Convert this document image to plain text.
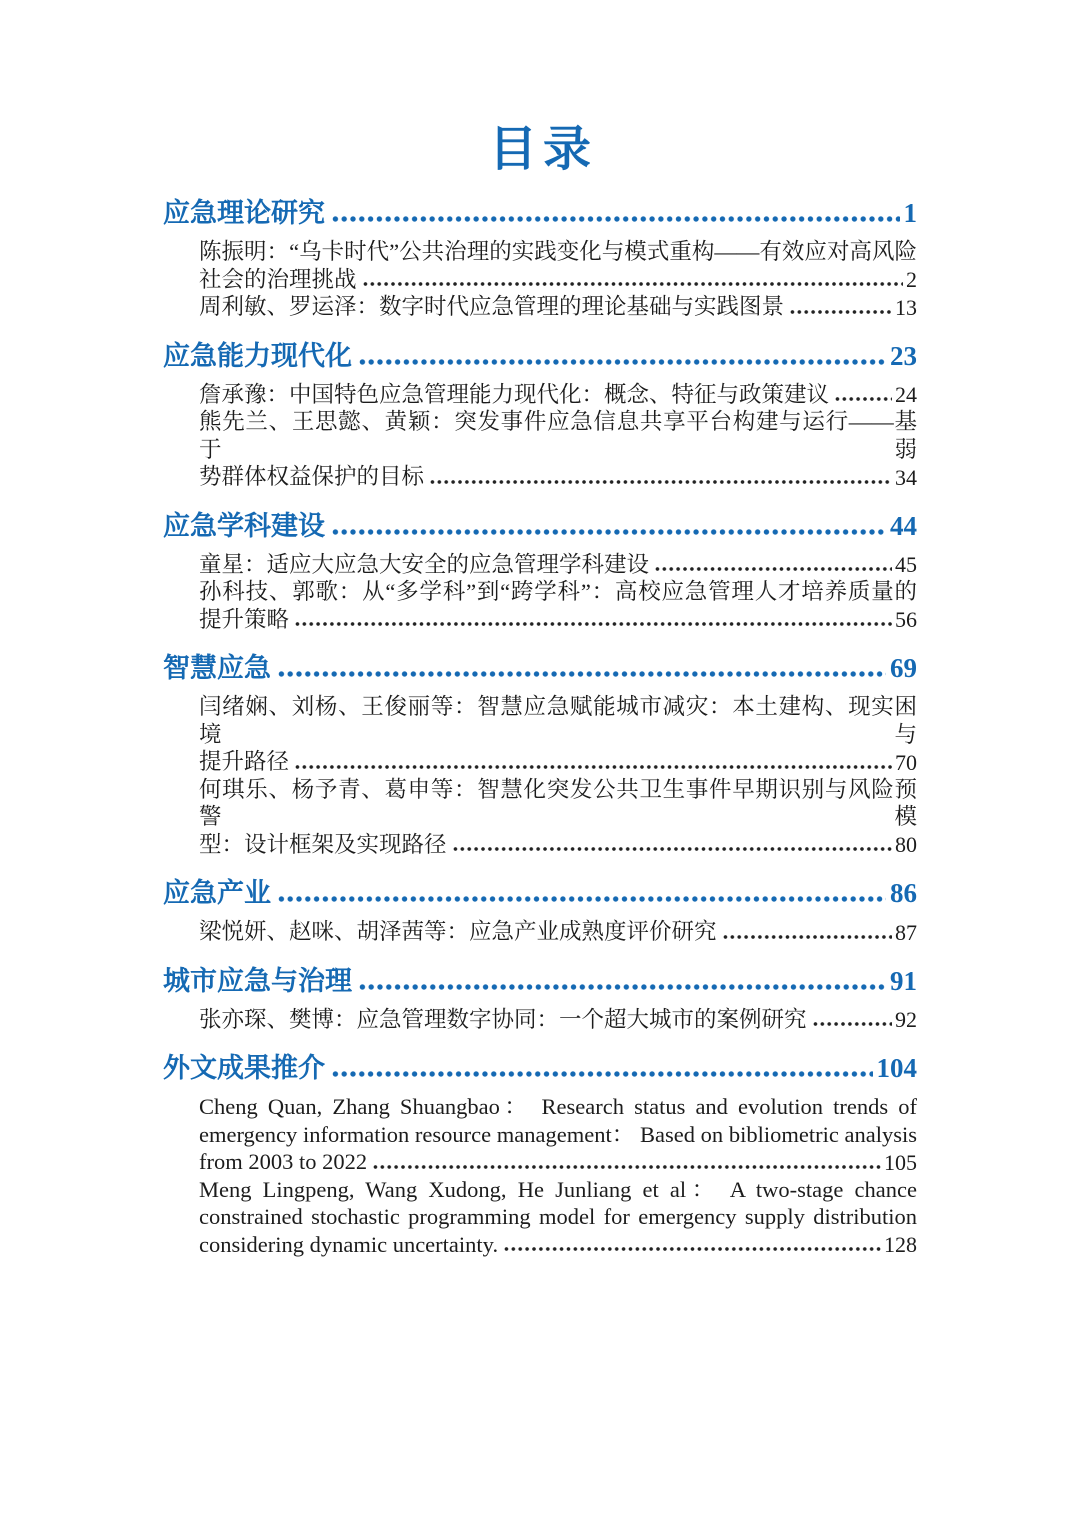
目录
应急理论研究	1
陈振明：“乌卡时代”公共治理的实践变化与模式重构——有效应对高风险
社会的治理挑战	2
周利敏、罗运泽：数字时代应急管理的理论基础与实践图景	13
应急能力现代化	23
詹承豫：中国特色应急管理能力现代化：概念、特征与政策建议	24
熊先兰、王思懿、黄颖：突发事件应急信息共享平台构建与运行——基于弱
势群体权益保护的目标	34
应急学科建设	44
童星：适应大应急大安全的应急管理学科建设	45
孙科技、郭歌：从“多学科”到“跨学科”：高校应急管理人才培养质量的
提升策略	56
智慧应急	69
闫绪娴、刘杨、王俊丽等：智慧应急赋能城市减灾：本土建构、现实困境与
提升路径	70
何琪乐、杨予青、葛申等：智慧化突发公共卫生事件早期识别与风险预警模
型：设计框架及实现路径	80
应急产业	86
梁悦妍、赵咪、胡泽茜等：应急产业成熟度评价研究	87
城市应急与治理	91
张亦琛、樊博：应急管理数字协同：一个超大城市的案例研究	92
外文成果推介	104
Cheng Quan, Zhang Shuangbao： Research status and evolution trends of
emergency information resource management： Based on bibliometric analysis
from 2003 to 2022	105
Meng Lingpeng, Wang Xudong, He Junliang et al： A two-stage chance
constrained stochastic programming model for emergency supply distribution
considering dynamic uncertainty.	128
